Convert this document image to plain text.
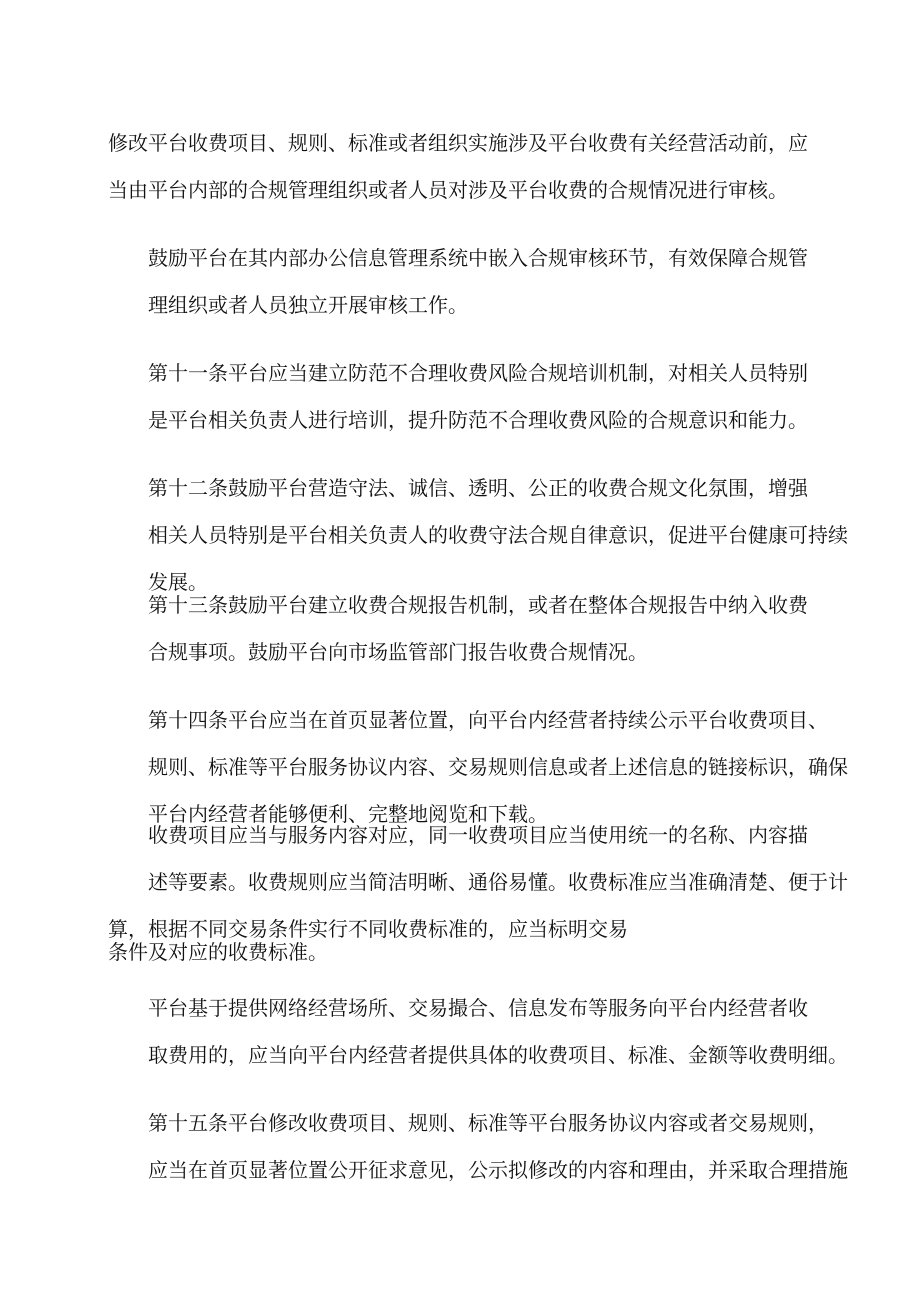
修改平台收费项目、规则、标准或者组织实施涉及平台收费有关经营活动前，应
当由平台内部的合规管理组织或者人员对涉及平台收费的合规情况进行审核。

鼓励平台在其内部办公信息管理系统中嵌入合规审核环节，有效保障合规管
理组织或者人员独立开展审核工作。

第十一条平台应当建立防范不合理收费风险合规培训机制，对相关人员特别
是平台相关负责人进行培训，提升防范不合理收费风险的合规意识和能力。

第十二条鼓励平台营造守法、诚信、透明、公正的收费合规文化氛围，增强
相关人员特别是平台相关负责人的收费守法合规自律意识，促进平台健康可持续
发展。

第十三条鼓励平台建立收费合规报告机制，或者在整体合规报告中纳入收费
合规事项。鼓励平台向市场监管部门报告收费合规情况。

第十四条平台应当在首页显著位置，向平台内经营者持续公示平台收费项目、
规则、标准等平台服务协议内容、交易规则信息或者上述信息的链接标识，确保
平台内经营者能够便利、完整地阅览和下载。

收费项目应当与服务内容对应，同一收费项目应当使用统一的名称、内容描
述等要素。收费规则应当简洁明晰、通俗易懂。收费标准应当准确清楚、便于计
算，根据不同交易条件实行不同收费标准的，应当标明交易
条件及对应的收费标准。

平台基于提供网络经营场所、交易撮合、信息发布等服务向平台内经营者收
取费用的，应当向平台内经营者提供具体的收费项目、标准、金额等收费明细。

第十五条平台修改收费项目、规则、标准等平台服务协议内容或者交易规则，
应当在首页显著位置公开征求意见，公示拟修改的内容和理由，并采取合理措施
